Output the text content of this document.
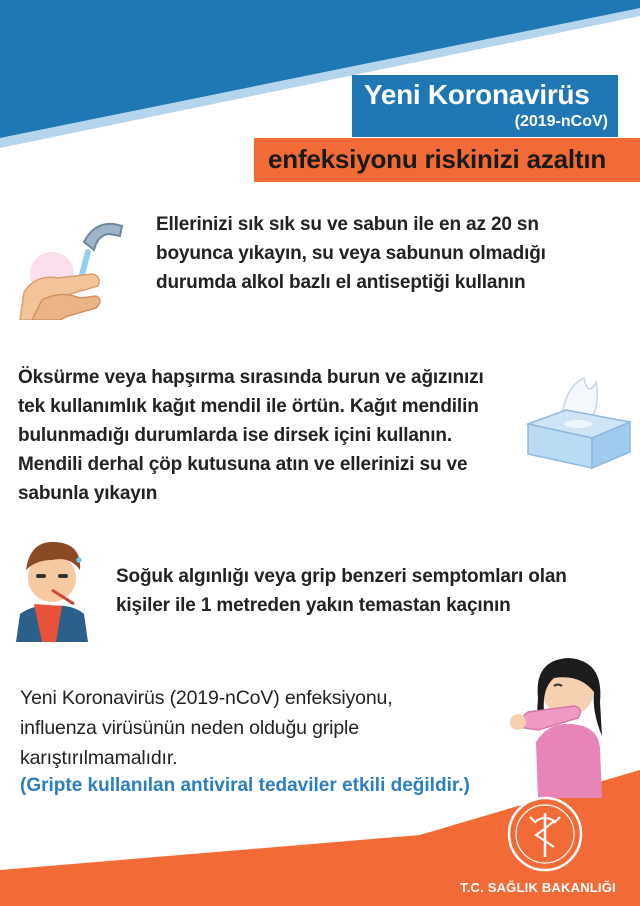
Yeni Koronavirüs
(2019-nCoV)
enfeksiyonu riskinizi azaltın
Ellerinizi sık sık su ve sabun ile en az 20 sn
boyunca yıkayın, su veya sabunun olmadığı
durumda alkol bazlı el antiseptiği kullanın
Öksürme veya hapşırma sırasında burun ve ağızınızı
tek kullanımlık kağıt mendil ile örtün. Kağıt mendilin
bulunmadığı durumlarda ise dirsek içini kullanın.
Mendili derhal çöp kutusuna atın ve ellerinizi su ve
sabunla yıkayın
Soğuk algınlığı veya grip benzeri semptomları olan
kişiler ile 1 metreden yakın temastan kaçının
Yeni Koronavirüs (2019-nCoV) enfeksiyonu,
influenza virüsünün neden olduğu griple
karıştırılmamalıdır.
(Gripte kullanılan antiviral tedaviler etkili değildir.)
T.C. SAĞLIK BAKANLIĞI
